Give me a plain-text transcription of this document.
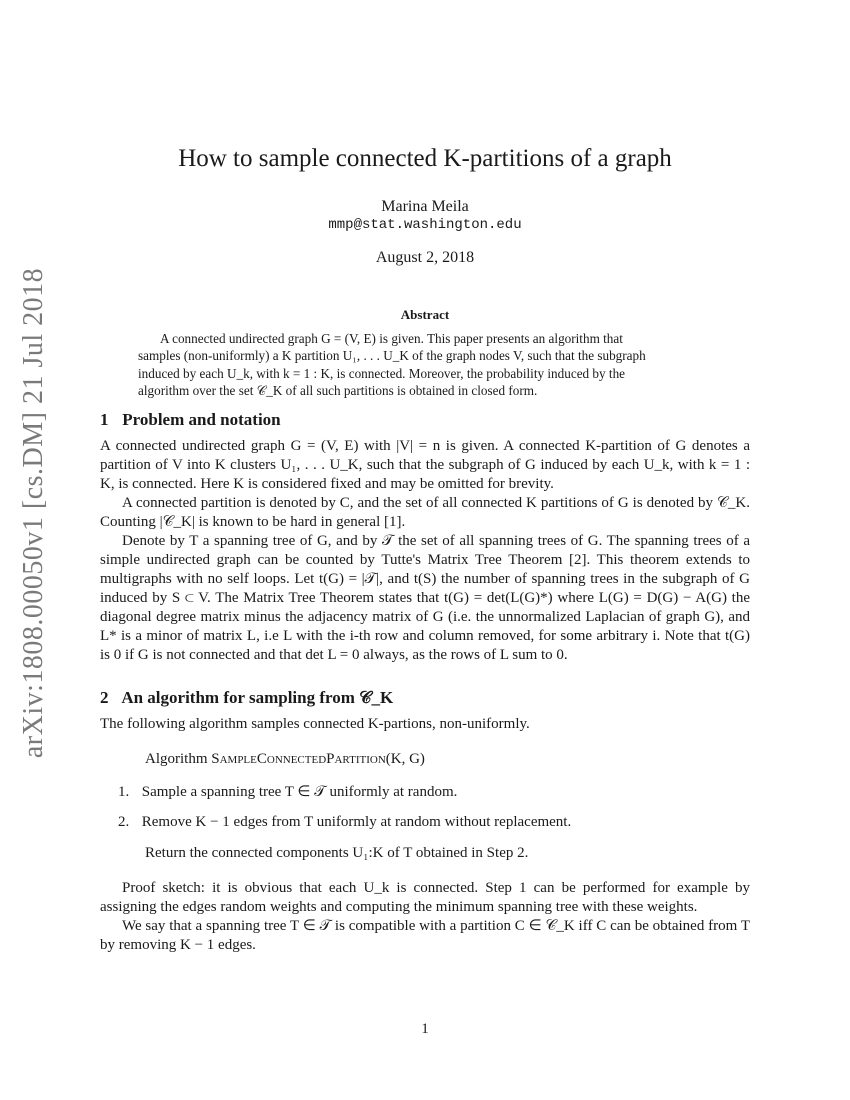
arXiv:1808.00050v1 [cs.DM] 21 Jul 2018
How to sample connected K-partitions of a graph
Marina Meila
mmp@stat.washington.edu
August 2, 2018
Abstract
A connected undirected graph G = (V, E) is given. This paper presents an algorithm that
samples (non-uniformly) a K partition U₁, . . . U_K of the graph nodes V, such that the subgraph
induced by each U_k, with k = 1 : K, is connected. Moreover, the probability induced by the
algorithm over the set 𝒞_K of all such partitions is obtained in closed form.
1 Problem and notation

A connected undirected graph G = (V, E) with |V| = n is given. A connected K-partition of G denotes a partition of V into K clusters U₁, . . . U_K, such that the subgraph of G induced by each U_k, with k = 1 : K, is connected. Here K is considered fixed and may be omitted for brevity.

A connected partition is denoted by C, and the set of all connected K partitions of G is denoted by 𝒞_K. Counting |𝒞_K| is known to be hard in general [1].

Denote by T a spanning tree of G, and by 𝒯 the set of all spanning trees of G. The spanning trees of a simple undirected graph can be counted by Tutte's Matrix Tree Theorem [2]. This theorem extends to multigraphs with no self loops. Let t(G) = |𝒯|, and t(S) the number of spanning trees in the subgraph of G induced by S ⊂ V. The Matrix Tree Theorem states that t(G) = det(L(G)*) where L(G) = D(G) − A(G) the diagonal degree matrix minus the adjacency matrix of G (i.e. the unnormalized Laplacian of graph G), and L* is a minor of matrix L, i.e L with the i-th row and column removed, for some arbitrary i. Note that t(G) is 0 if G is not connected and that det L = 0 always, as the rows of L sum to 0.

2 An algorithm for sampling from 𝒞_K
The following algorithm samples connected K-partions, non-uniformly.
Algorithm SampleConnectedPartition(K, G)
1. Sample a spanning tree T ∈ 𝒯 uniformly at random.
2. Remove K − 1 edges from T uniformly at random without replacement.
Return the connected components U₁:K of T obtained in Step 2.

Proof sketch: it is obvious that each U_k is connected. Step 1 can be performed for example by assigning the edges random weights and computing the minimum spanning tree with these weights.

We say that a spanning tree T ∈ 𝒯 is compatible with a partition C ∈ 𝒞_K iff C can be obtained from T by removing K − 1 edges.

1
